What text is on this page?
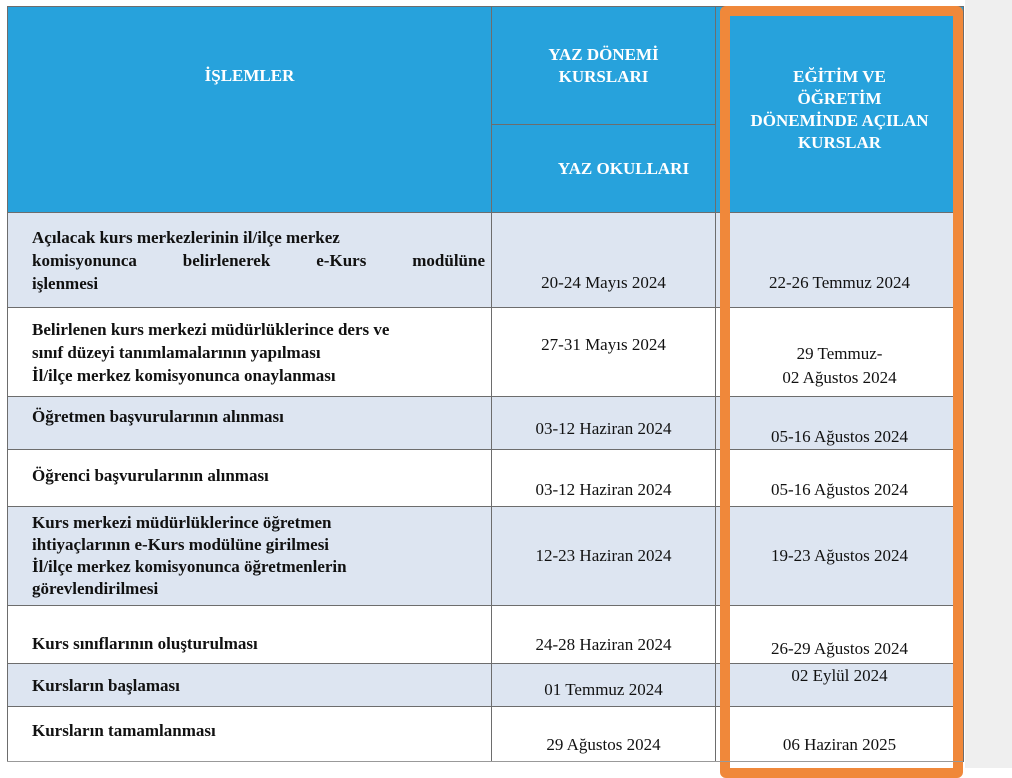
İŞLEMLER	YAZ DÖNEMİ KURSLARI	EĞİTİM VE ÖĞRETİM DÖNEMİNDE AÇILAN KURSLAR
	YAZ OKULLARI	

Açılacak kurs merkezlerinin il/ilçe merkez
komisyonunca belirlenerek e-Kurs modülüne
işlenmesi	20-24 Mayıs 2024	22-26 Temmuz 2024

Belirlenen kurs merkezi müdürlüklerince ders ve
sınıf düzeyi tanımlamalarının yapılması
İl/ilçe merkez komisyonunca onaylanması	27-31 Mayıs 2024	29 Temmuz-
02 Ağustos 2024

Öğretmen başvurularının alınması	03-12 Haziran 2024	05-16 Ağustos 2024

Öğrenci başvurularının alınması	03-12 Haziran 2024	05-16 Ağustos 2024

Kurs merkezi müdürlüklerince öğretmen
ihtiyaçlarının e-Kurs modülüne girilmesi
İl/ilçe merkez komisyonunca öğretmenlerin
görevlendirilmesi	12-23 Haziran 2024	19-23 Ağustos 2024

Kurs sınıflarının oluşturulması	24-28 Haziran 2024	26-29 Ağustos 2024

Kursların başlaması	01 Temmuz 2024	02 Eylül 2024

Kursların tamamlanması	29 Ağustos 2024	06 Haziran 2025
